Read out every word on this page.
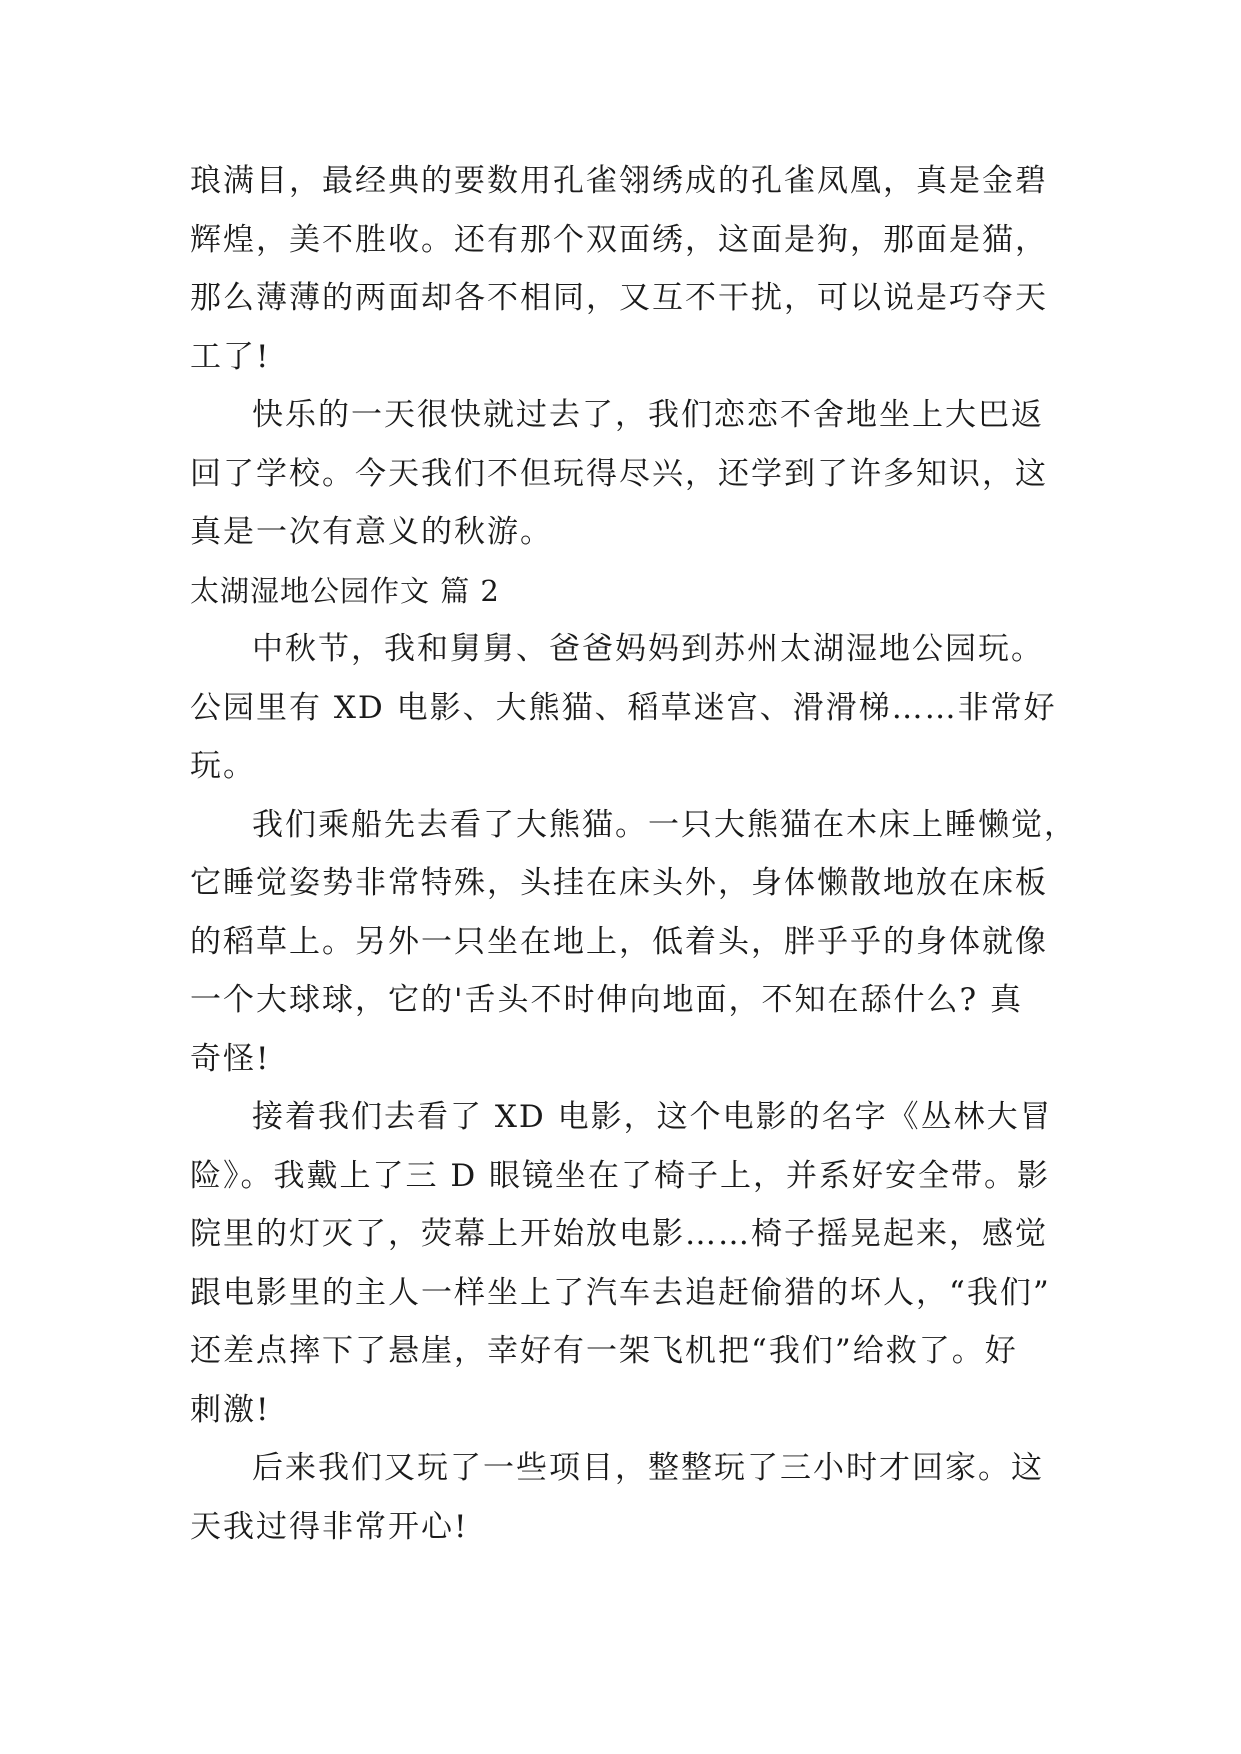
琅满目，最经典的要数用孔雀翎绣成的孔雀凤凰，真是金碧
辉煌，美不胜收。还有那个双面绣，这面是狗，那面是猫，
那么薄薄的两面却各不相同，又互不干扰，可以说是巧夺天
工了!
快乐的一天很快就过去了，我们恋恋不舍地坐上大巴返
回了学校。今天我们不但玩得尽兴，还学到了许多知识，这
真是一次有意义的秋游。
太湖湿地公园作文 篇 2
中秋节，我和舅舅、爸爸妈妈到苏州太湖湿地公园玩。
公园里有 XD 电影、大熊猫、稻草迷宫、滑滑梯……非常好
玩。
我们乘船先去看了大熊猫。一只大熊猫在木床上睡懒觉，
它睡觉姿势非常特殊，头挂在床头外，身体懒散地放在床板
的稻草上。另外一只坐在地上，低着头，胖乎乎的身体就像
一个大球球，它的'舌头不时伸向地面，不知在舔什么? 真
奇怪!
接着我们去看了 XD 电影，这个电影的名字《丛林大冒
险》。我戴上了三 D 眼镜坐在了椅子上，并系好安全带。影
院里的灯灭了，荧幕上开始放电影……椅子摇晃起来，感觉
跟电影里的主人一样坐上了汽车去追赶偷猎的坏人，“我们”
还差点摔下了悬崖，幸好有一架飞机把“我们”给救了。好
刺激!
后来我们又玩了一些项目，整整玩了三小时才回家。这
天我过得非常开心!
